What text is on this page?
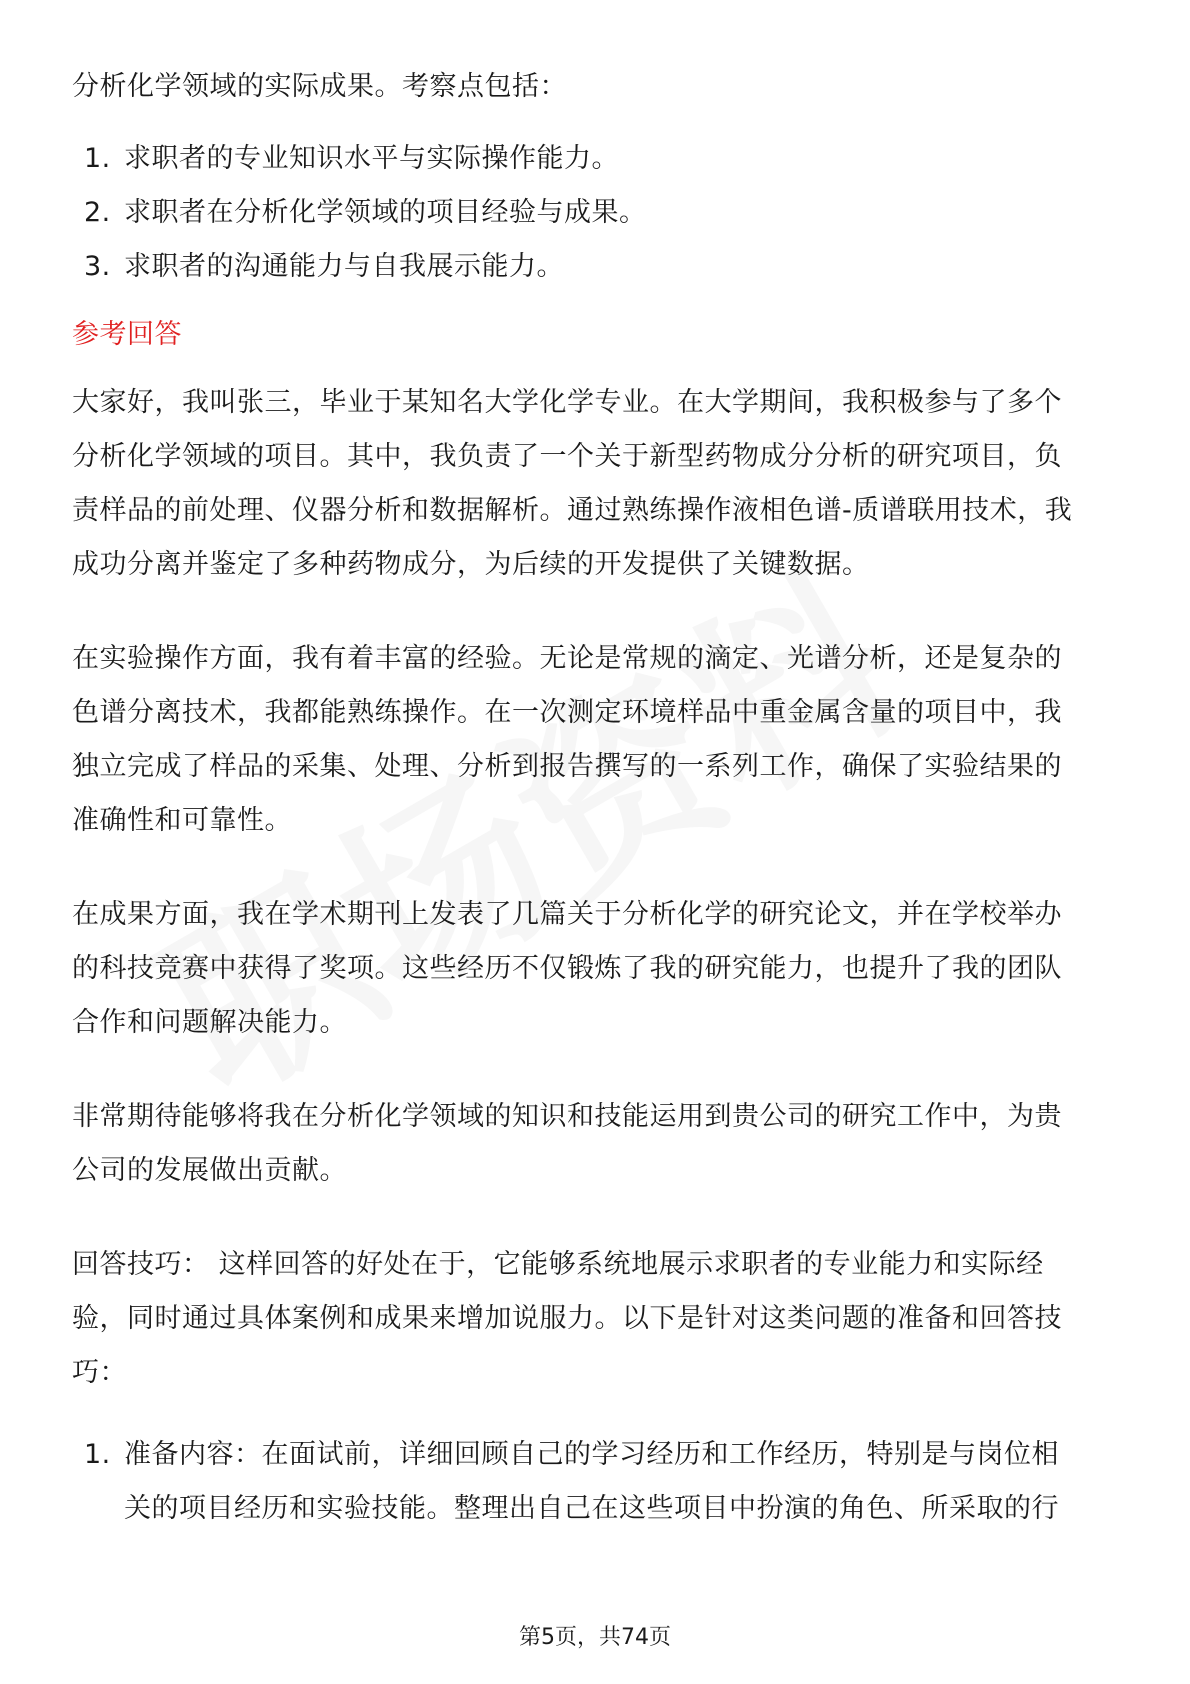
分析化学领域的实际成果。考察点包括：

1. 求职者的专业知识水平与实际操作能力。
2. 求职者在分析化学领域的项目经验与成果。
3. 求职者的沟通能力与自我展示能力。

参考回答

大家好，我叫张三，毕业于某知名大学化学专业。在大学期间，我积极参与了多个
分析化学领域的项目。其中，我负责了一个关于新型药物成分分析的研究项目，负
责样品的前处理、仪器分析和数据解析。通过熟练操作液相色谱-质谱联用技术，我
成功分离并鉴定了多种药物成分，为后续的开发提供了关键数据。
在实验操作方面，我有着丰富的经验。无论是常规的滴定、光谱分析，还是复杂的
色谱分离技术，我都能熟练操作。在一次测定环境样品中重金属含量的项目中，我
独立完成了样品的采集、处理、分析到报告撰写的一系列工作，确保了实验结果的
准确性和可靠性。
在成果方面，我在学术期刊上发表了几篇关于分析化学的研究论文，并在学校举办
的科技竞赛中获得了奖项。这些经历不仅锻炼了我的研究能力，也提升了我的团队
合作和问题解决能力。
非常期待能够将我在分析化学领域的知识和技能运用到贵公司的研究工作中，为贵
公司的发展做出贡献。
回答技巧： 这样回答的好处在于，它能够系统地展示求职者的专业能力和实际经
验，同时通过具体案例和成果来增加说服力。以下是针对这类问题的准备和回答技
巧：
1. 准备内容：在面试前，详细回顾自己的学习经历和工作经历，特别是与岗位相
关的项目经历和实验技能。整理出自己在这些项目中扮演的角色、所采取的行
第5页，共74页
